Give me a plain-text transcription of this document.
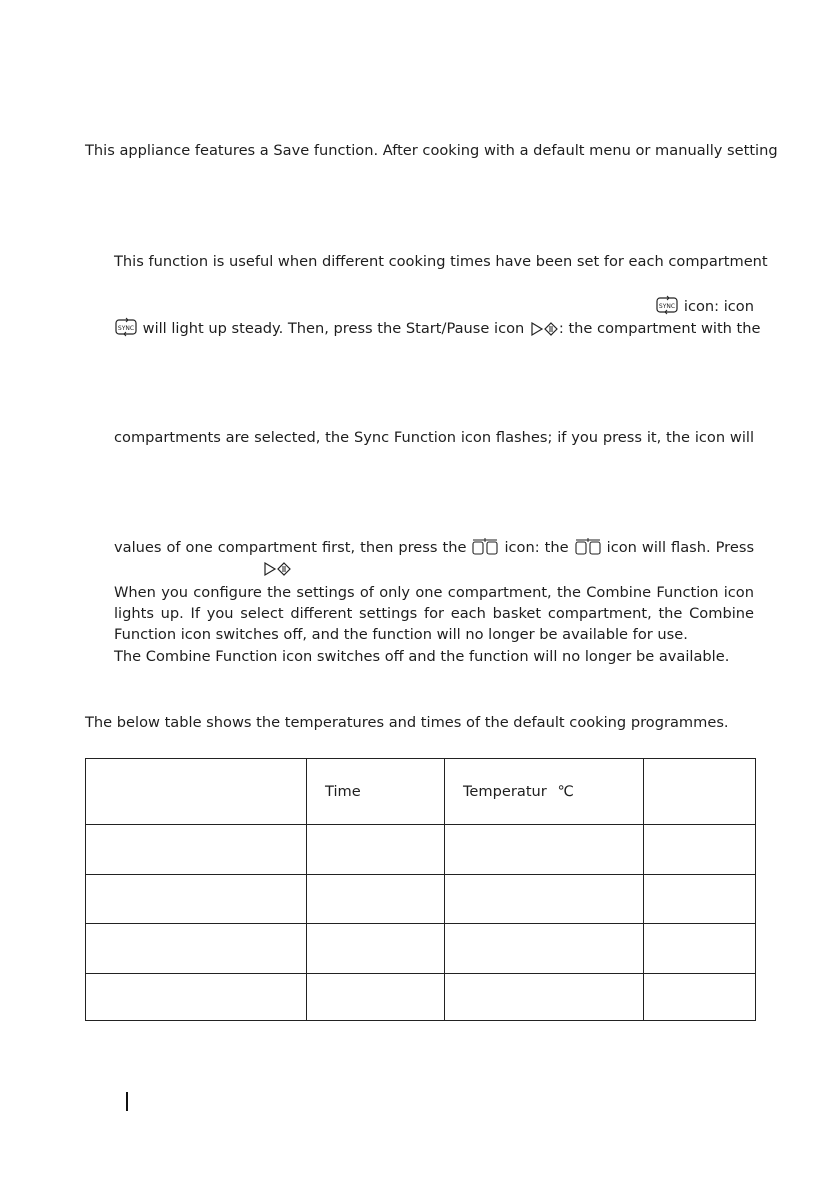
This appliance features a Save function. After cooking with a default menu or manually setting
This function is useful when different cooking times have been set for each compartment
SYNC icon: icon
SYNC will light up steady. Then, press the Start/Pause icon : the compartment with the
compartments are selected, the Sync Function icon flashes; if you press it, the icon will
values of one compartment first, then press the	icon: the	icon will flash. Press
When you configure the settings of only one compartment, the Combine Function icon
lights up. If you select different settings for each basket compartment, the Combine
Function icon switches off, and the function will no longer be available for use.
The Combine Function icon switches off and the function will no longer be available.
The below table shows the temperatures and times of the default cooking programmes.
	Time	Temperatur ℃	
